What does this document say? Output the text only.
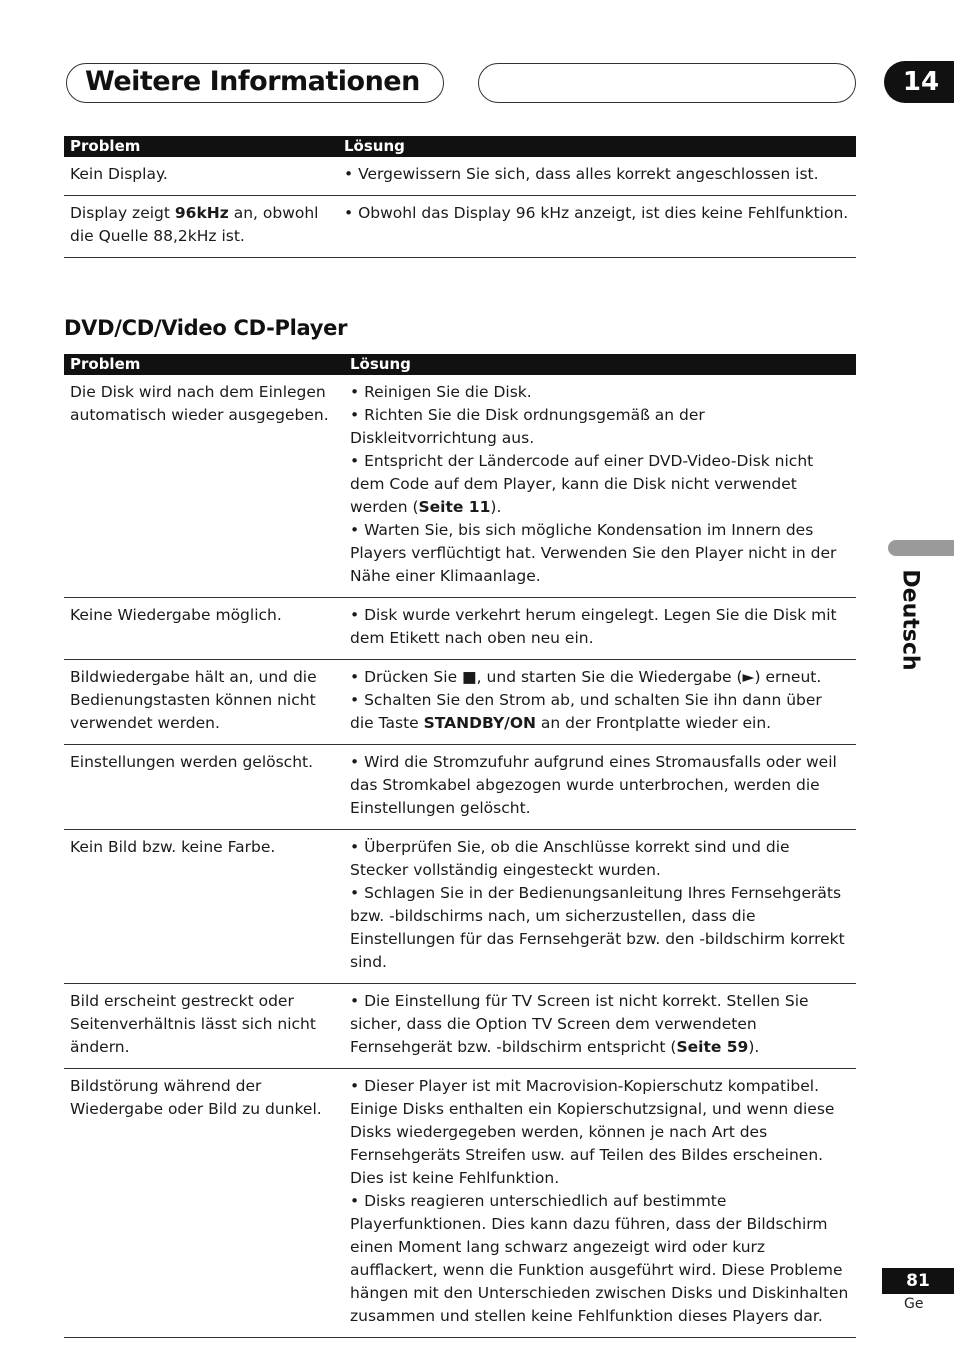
Weitere Informationen	14
Deutsch
Problem	Lösung
Kein Display.	• Vergewissern Sie sich, dass alles korrekt angeschlossen ist.

Display zeigt 96kHz an, obwohl die Quelle 88,2kHz ist.	• Obwohl das Display 96 kHz anzeigt, ist dies keine Fehlfunktion.

DVD/CD/Video CD-Player
Problem	Lösung
Die Disk wird nach dem Einlegen automatisch wieder ausgegeben.	• Reinigen Sie die Disk.

• Richten Sie die Disk ordnungsgemäß an der Diskleitvorrichtung aus.

• Entspricht der Ländercode auf einer DVD-Video-Disk nicht dem Code auf dem Player, kann die Disk nicht verwendet werden (Seite 11).

• Warten Sie, bis sich mögliche Kondensation im Innern des Players verflüchtigt hat. Verwenden Sie den Player nicht in der Nähe einer Klimaanlage.

Keine Wiedergabe möglich.	• Disk wurde verkehrt herum eingelegt. Legen Sie die Disk mit dem Etikett nach oben neu ein.

Bildwiedergabe hält an, und die Bedienungstasten können nicht verwendet werden.	• Drücken Sie ■, und starten Sie die Wiedergabe (►) erneut.

• Schalten Sie den Strom ab, und schalten Sie ihn dann über die Taste STANDBY/ON an der Frontplatte wieder ein.

Einstellungen werden gelöscht.	• Wird die Stromzufuhr aufgrund eines Stromausfalls oder weil das Stromkabel abgezogen wurde unterbrochen, werden die Einstellungen gelöscht.

Kein Bild bzw. keine Farbe.	• Überprüfen Sie, ob die Anschlüsse korrekt sind und die Stecker vollständig eingesteckt wurden.

• Schlagen Sie in der Bedienungsanleitung Ihres Fernsehgeräts bzw. -bildschirms nach, um sicherzustellen, dass die Einstellungen für das Fernsehgerät bzw. den -bildschirm korrekt sind.

Bild erscheint gestreckt oder Seitenverhältnis lässt sich nicht ändern.	• Die Einstellung für TV Screen ist nicht korrekt. Stellen Sie sicher, dass die Option TV Screen dem verwendeten Fernsehgerät bzw. -bildschirm entspricht (Seite 59).

Bildstörung während der Wiedergabe oder Bild zu dunkel.	• Dieser Player ist mit Macrovision-Kopierschutz kompatibel. Einige Disks enthalten ein Kopierschutzsignal, und wenn diese Disks wiedergegeben werden, können je nach Art des Fernsehgeräts Streifen usw. auf Teilen des Bildes erscheinen. Dies ist keine Fehlfunktion.

• Disks reagieren unterschiedlich auf bestimmte Playerfunktionen. Dies kann dazu führen, dass der Bildschirm einen Moment lang schwarz angezeigt wird oder kurz aufflackert, wenn die Funktion ausgeführt wird. Diese Probleme hängen mit den Unterschieden zwischen Disks und Diskinhalten zusammen und stellen keine Fehlfunktion dieses Players dar.

81
Ge
